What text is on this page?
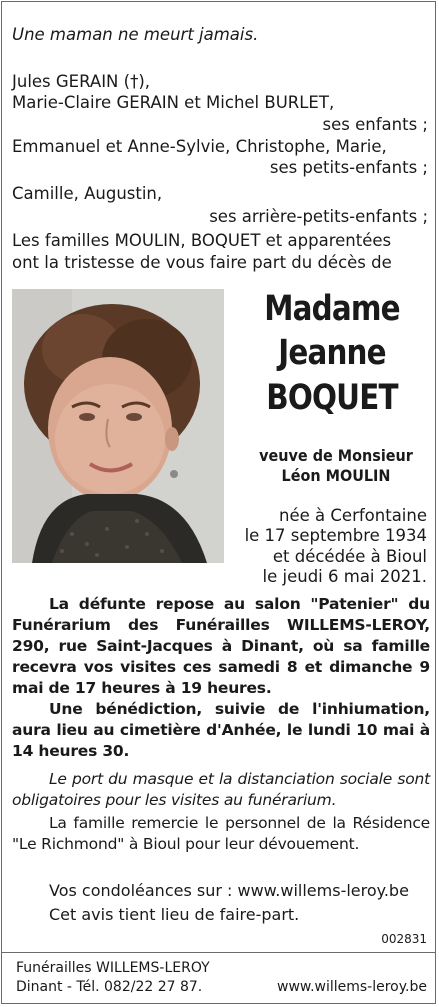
Une maman ne meurt jamais.

Jules GERAIN (†),

Marie-Claire GERAIN et Michel BURLET,

ses enfants ;

Emmanuel et Anne-Sylvie, Christophe, Marie,

ses petits-enfants ;

Camille, Augustin,

ses arrière-petits-enfants ;

Les familles MOULIN, BOQUET et apparentées

ont la tristesse de vous faire part du décès de

Madame

Jeanne

BOQUET

veuve de Monsieur

Léon MOULIN

née à Cerfontaine

le 17 septembre 1934

et décédée à Bioul

le jeudi 6 mai 2021.

La défunte repose au salon "Patenier" du Funérarium des Funérailles WILLEMS-LEROY, 290, rue Saint-Jacques à Dinant, où sa famille recevra vos visites ces samedi 8 et dimanche 9 mai de 17 heures à 19 heures.

Une bénédiction, suivie de l'inhiumation, aura lieu au cimetière d'Anhée, le lundi 10 mai à 14 heures 30.

Le port du masque et la distanciation sociale sont obligatoires pour les visites au funérarium.

La famille remercie le personnel de la Résidence "Le Richmond" à Bioul pour leur dévouement.

Vos condoléances sur : www.willems-leroy.be

Cet avis tient lieu de faire-part.

002831

Funérailles WILLEMS-LEROY

Dinant - Tél. 082/22 27 87.	www.willems-leroy.be
